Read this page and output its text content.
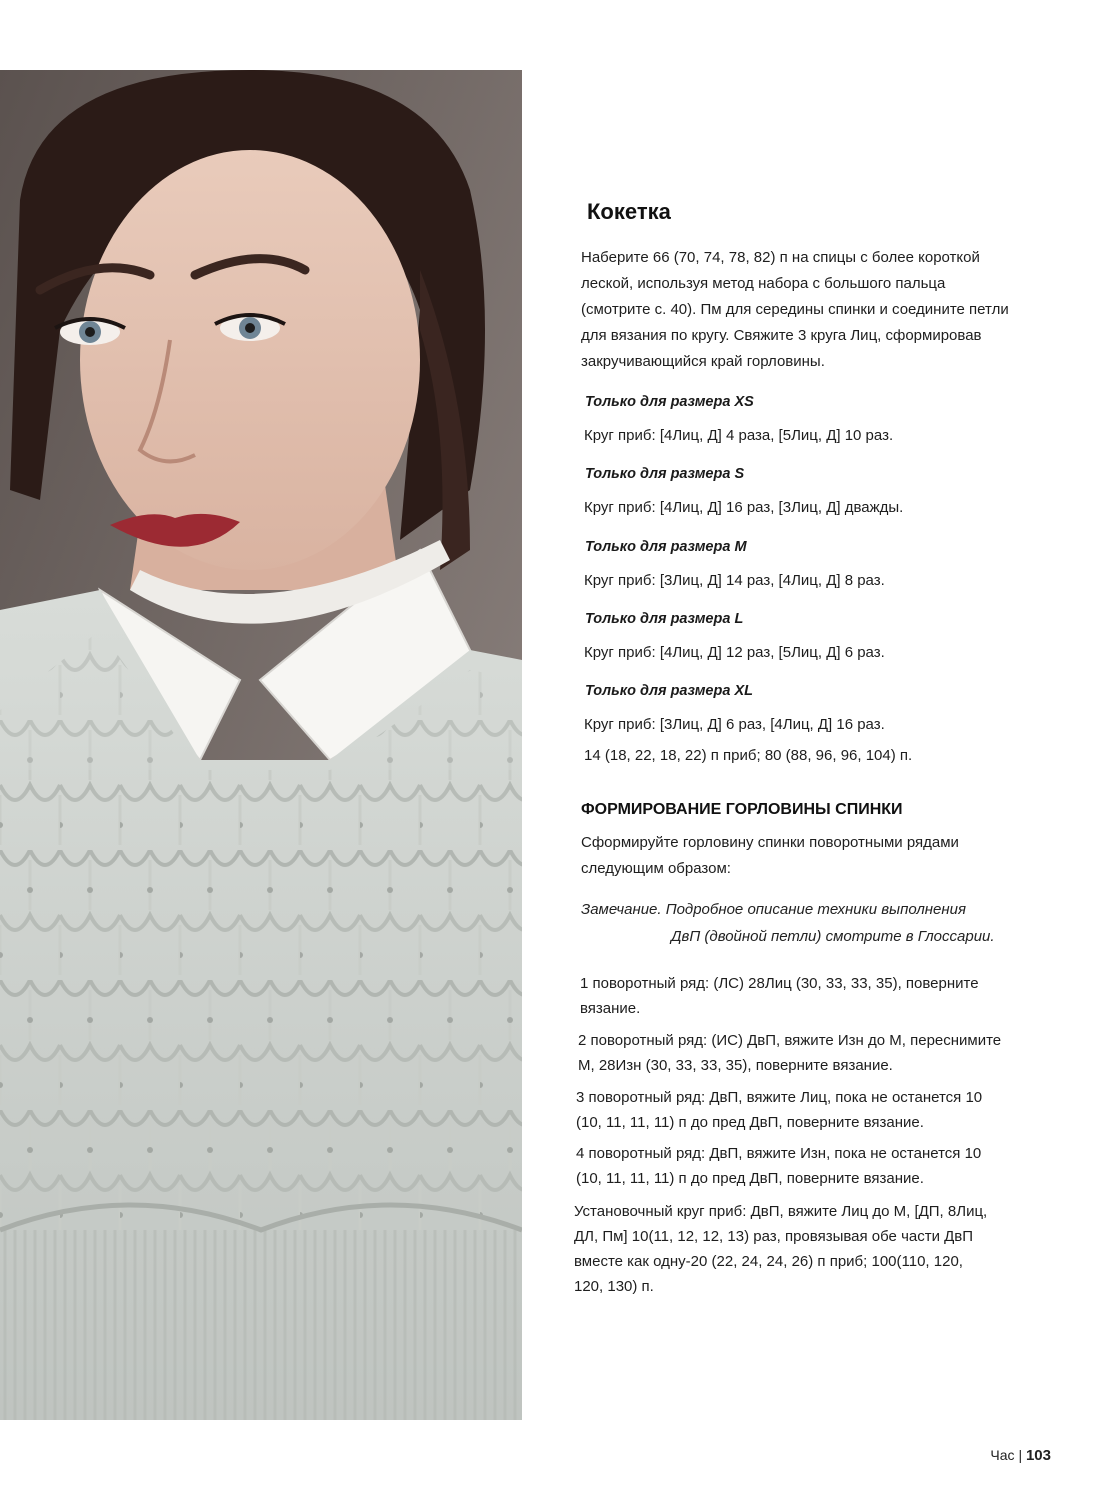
Кокетка
Наберите 66 (70, 74, 78, 82) п на спицы с более короткой
леской, используя метод набора с большого пальца
(смотрите с. 40). Пм для середины спинки и соедините петли
для вязания по кругу. Свяжите 3 круга Лиц, сформировав
закручивающийся край горловины.
Только для размера XS
Круг приб: [4Лиц, Д] 4 раза, [5Лиц, Д] 10 раз.
Только для размера S
Круг приб: [4Лиц, Д] 16 раз, [3Лиц, Д] дважды.
Только для размера M
Круг приб: [3Лиц, Д] 14 раз, [4Лиц, Д] 8 раз.
Только для размера L
Круг приб: [4Лиц, Д] 12 раз, [5Лиц, Д] 6 раз.
Только для размера XL
Круг приб: [3Лиц, Д] 6 раз, [4Лиц, Д] 16 раз.
14 (18, 22, 18, 22) п приб; 80 (88, 96, 96, 104) п.
ФОРМИРОВАНИЕ ГОРЛОВИНЫ СПИНКИ
Сформируйте горловину спинки поворотными рядами
следующим образом:
Замечание. Подробное описание техники выполнения
ДвП (двойной петли) смотрите в Глоссарии.
1 поворотный ряд: (ЛС) 28Лиц (30, 33, 33, 35), поверните
вязание.
2 поворотный ряд: (ИС) ДвП, вяжите Изн до М, переснимите
М, 28Изн (30, 33, 33, 35), поверните вязание.
3 поворотный ряд: ДвП, вяжите Лиц, пока не останется 10
(10, 11, 11, 11) п до пред ДвП, поверните вязание.
4 поворотный ряд: ДвП, вяжите Изн, пока не останется 10
(10, 11, 11, 11) п до пред ДвП, поверните вязание.
Установочный круг приб: ДвП, вяжите Лиц до М, [ДП, 8Лиц,
ДЛ, Пм] 10(11, 12, 12, 13) раз, провязывая обе части ДвП
вместе как одну-20 (22, 24, 24, 26) п приб; 100(110, 120,
120, 130) п.
Час | 103
